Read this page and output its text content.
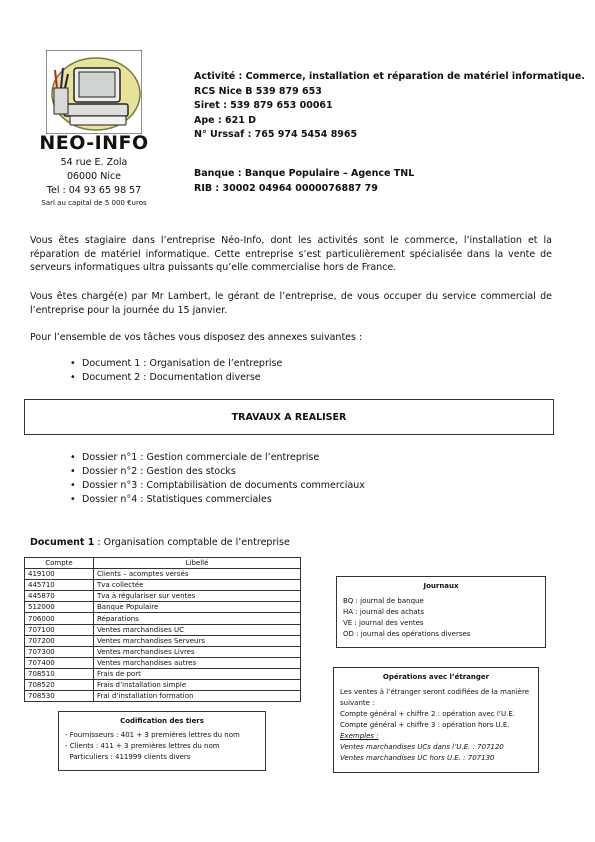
NEO-INFO
54 rue E. Zola
06000 Nice
Tel : 04 93 65 98 57
Sarl au capital de 5 000 €uros
Activité : Commerce, installation et réparation de matériel informatique.
RCS Nice B 539 879 653
Siret : 539 879 653 00061
Ape : 621 D
N° Urssaf : 765 974 5454 8965
Banque : Banque Populaire – Agence TNL
RIB : 30002 04964 0000076887 79
Vous êtes stagiaire dans l’entreprise Néo-Info, dont les activités sont le commerce, l’installation et la réparation de matériel informatique. Cette entreprise s’est particulièrement spécialisée dans la vente de serveurs informatiques ultra puissants qu’elle commercialise hors de France.
Vous êtes chargé(e) par Mr Lambert, le gérant de l’entreprise, de vous occuper du service commercial de l’entreprise pour la journée du 15 janvier.
Pour l’ensemble de vos tâches vous disposez des annexes suivantes :
• Document 1 : Organisation de l’entreprise
• Document 2 : Documentation diverse
TRAVAUX A REALISER
• Dossier n°1 : Gestion commerciale de l’entreprise
• Dossier n°2 : Gestion des stocks
• Dossier n°3 : Comptabilisation de documents commerciaux
• Dossier n°4 : Statistiques commerciales
Document 1 : Organisation comptable de l’entreprise
Compte	Libellé
419100	Clients – acomptes versés
445710	Tva collectée
445870	Tva à régulariser sur ventes
512000	Banque Populaire
706000	Réparations
707100	Ventes marchandises UC
707200	Ventes marchandises Serveurs
707300	Ventes marchandises Livres
707400	Ventes marchandises autres
708510	Frais de port
708520	Frais d’installation simple
708530	Frai d’installation formation
Codification des tiers
- Fournisseurs : 401 + 3 premières lettres du nom
- Clients : 411 + 3 premières lettres du nom
Particuliers : 411999 clients divers
Journaux
BQ : journal de banque
HA : journal des achats
VE : journal des ventes
OD : journal des opérations diverses
Opérations avec l’étranger
Les ventes à l’étranger seront codifiées de la manière suivante :
Compte général + chiffre 2 : opération avec l’U.E.
Compte général + chiffre 3 : opération hors U.E.
Exemples :
Ventes marchandises UCs dans l’U.E. : 707120
Ventes marchandises UC hors U.E. : 707130
